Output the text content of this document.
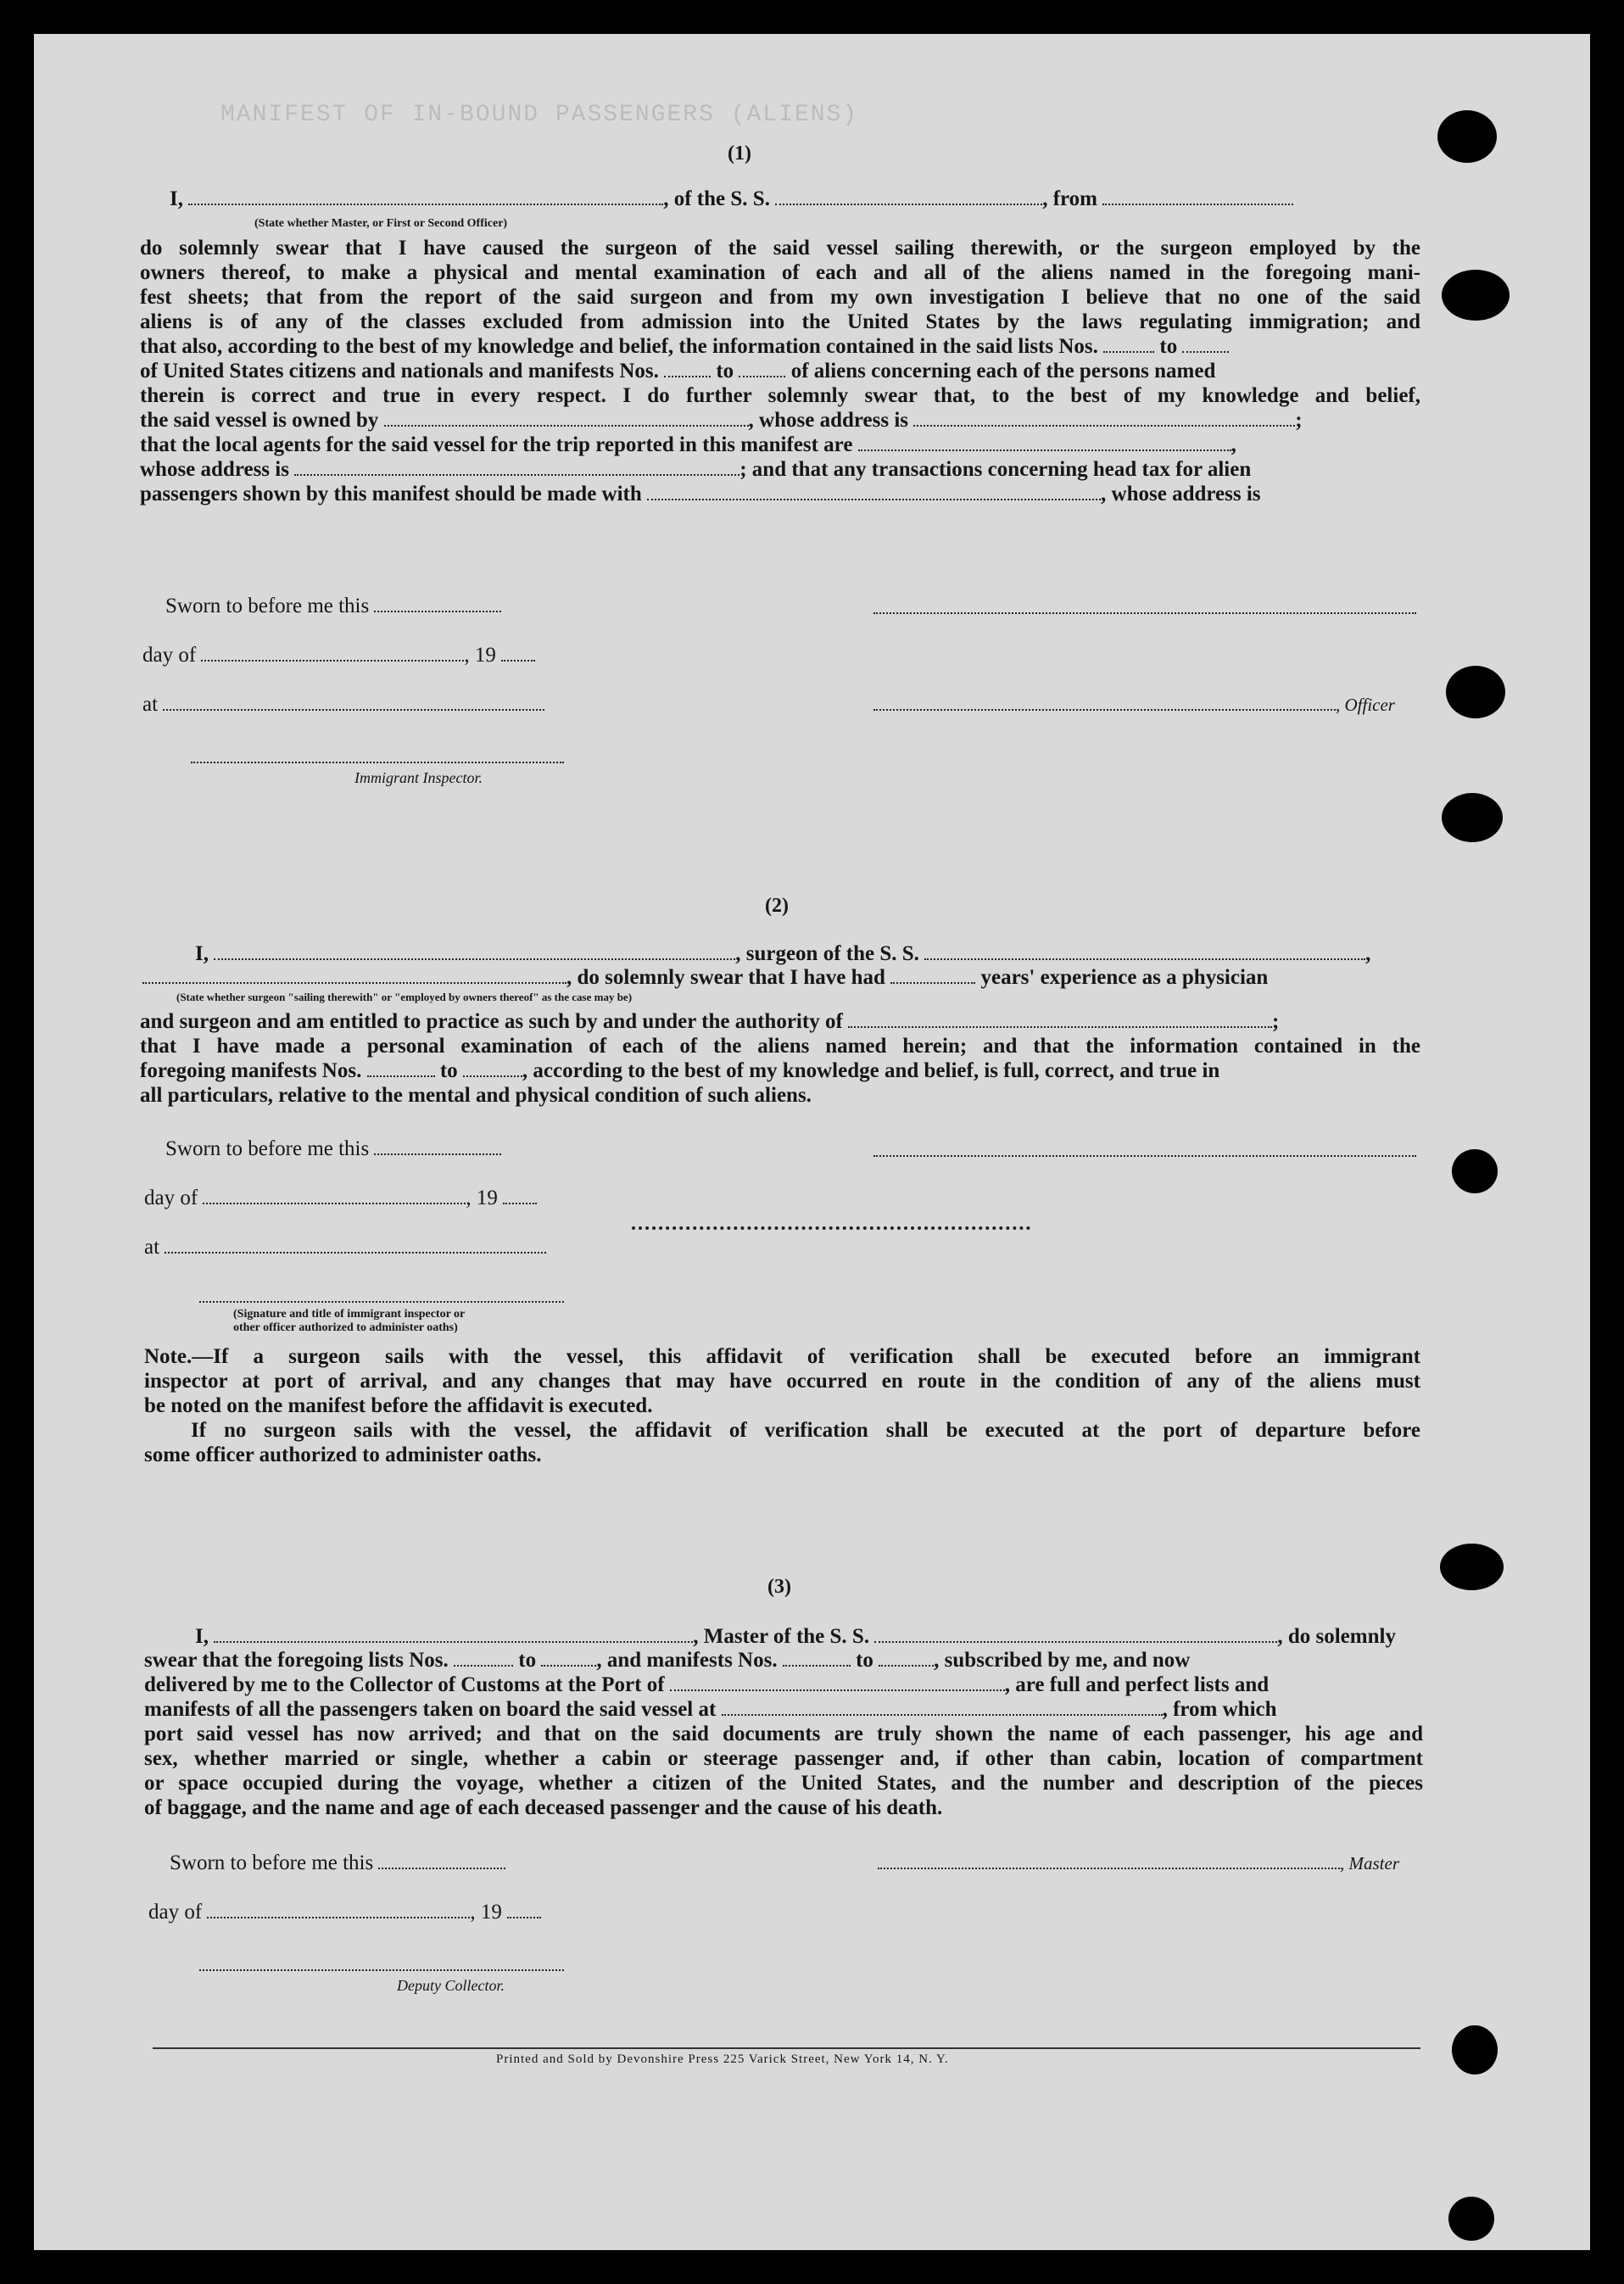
MANIFEST OF IN-BOUND PASSENGERS (ALIENS)
(1)
I,	, of the S. S.	, from
(State whether Master, or First or Second Officer)
do solemnly swear that I have caused the surgeon of the said vessel sailing therewith, or the surgeon employed by the
owners thereof, to make a physical and mental examination of each and all of the aliens named in the foregoing mani-
fest sheets; that from the report of the said surgeon and from my own investigation I believe that no one of the said
aliens is of any of the classes excluded from admission into the United States by the laws regulating immigration; and
that also, according to the best of my knowledge and belief, the information contained in the said lists Nos.	to
of United States citizens and nationals and manifests Nos.	to	of aliens concerning each of the persons named
therein is correct and true in every respect. I do further solemnly swear that, to the best of my knowledge and belief,
the said vessel is owned by	, whose address is	;
that the local agents for the said vessel for the trip reported in this manifest are	,
whose address is	; and that any transactions concerning head tax for alien
passengers shown by this manifest should be made with	, whose address is
Sworn to before me this
day of	, 19
at	, Officer
Immigrant Inspector.
(2)
I,	, surgeon of the S. S.	,
, do solemnly swear that I have had	years' experience as a physician
(State whether surgeon "sailing therewith" or "employed by owners thereof" as the case may be)
and surgeon and am entitled to practice as such by and under the authority of	;
that I have made a personal examination of each of the aliens named herein; and that the information contained in the
foregoing manifests Nos.	to	, according to the best of my knowledge and belief, is full, correct, and true in
all particulars, relative to the mental and physical condition of such aliens.
Sworn to before me this
day of	, 19
at
(Signature and title of immigrant inspector or
other officer authorized to administer oaths)
Note.—If a surgeon sails with the vessel, this affidavit of verification shall be executed before an immigrant
inspector at port of arrival, and any changes that may have occurred en route in the condition of any of the aliens must
be noted on the manifest before the affidavit is executed.
If no surgeon sails with the vessel, the affidavit of verification shall be executed at the port of departure before
some officer authorized to administer oaths.
(3)
I,	, Master of the S. S.	, do solemnly
swear that the foregoing lists Nos.	to	, and manifests Nos.	to	, subscribed by me, and now
delivered by me to the Collector of Customs at the Port of	, are full and perfect lists and
manifests of all the passengers taken on board the said vessel at	, from which
port said vessel has now arrived; and that on the said documents are truly shown the name of each passenger, his age and
sex, whether married or single, whether a cabin or steerage passenger and, if other than cabin, location of compartment
or space occupied during the voyage, whether a citizen of the United States, and the number and description of the pieces
of baggage, and the name and age of each deceased passenger and the cause of his death.
Sworn to before me this	, Master
day of	, 19
Deputy Collector.
Printed and Sold by Devonshire Press 225 Varick Street, New York 14, N. Y.
